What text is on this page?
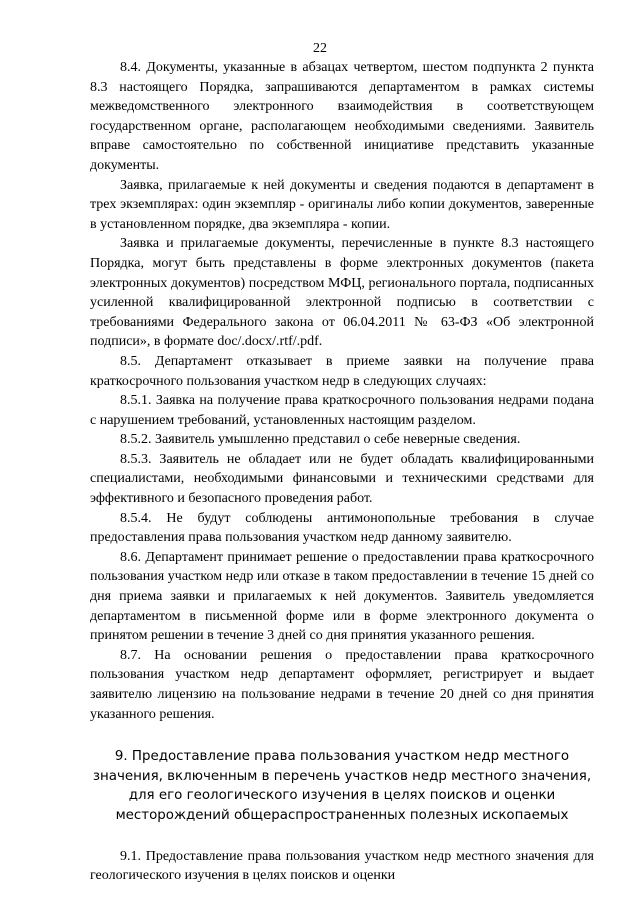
22

8.4. Документы, указанные в абзацах четвертом, шестом подпункта 2 пункта 8.3 настоящего Порядка, запрашиваются департаментом в рамках системы межведомственного электронного взаимодействия в соответствующем государственном органе, располагающем необходимыми сведениями. Заявитель вправе самостоятельно по собственной инициативе представить указанные документы.

Заявка, прилагаемые к ней документы и сведения подаются в департамент в трех экземплярах: один экземпляр - оригиналы либо копии документов, заверенные в установленном порядке, два экземпляра - копии.

Заявка и прилагаемые документы, перечисленные в пункте 8.3 настоящего Порядка, могут быть представлены в форме электронных документов (пакета электронных документов) посредством МФЦ, регионального портала, подписанных усиленной квалифицированной электронной подписью в соответствии с требованиями Федерального закона от 06.04.2011 № 63-ФЗ «Об электронной подписи», в формате doc/.docx/.rtf/.pdf.

8.5. Департамент отказывает в приеме заявки на получение права краткосрочного пользования участком недр в следующих случаях:

8.5.1. Заявка на получение права краткосрочного пользования недрами подана с нарушением требований, установленных настоящим разделом.

8.5.2. Заявитель умышленно представил о себе неверные сведения.

8.5.3. Заявитель не обладает или не будет обладать квалифицированными специалистами, необходимыми финансовыми и техническими средствами для эффективного и безопасного проведения работ.

8.5.4. Не будут соблюдены антимонопольные требования в случае предоставления права пользования участком недр данному заявителю.

8.6. Департамент принимает решение о предоставлении права краткосрочного пользования участком недр или отказе в таком предоставлении в течение 15 дней со дня приема заявки и прилагаемых к ней документов. Заявитель уведомляется департаментом в письменной форме или в форме электронного документа о принятом решении в течение 3 дней со дня принятия указанного решения.

8.7. На основании решения о предоставлении права краткосрочного пользования участком недр департамент оформляет, регистрирует и выдает заявителю лицензию на пользование недрами в течение 20 дней со дня принятия указанного решения.

9. Предоставление права пользования участком недр местного значения, включенным в перечень участков недр местного значения, для его геологического изучения в целях поисков и оценки месторождений общераспространенных полезных ископаемых

9.1. Предоставление права пользования участком недр местного значения для геологического изучения в целях поисков и оценки
